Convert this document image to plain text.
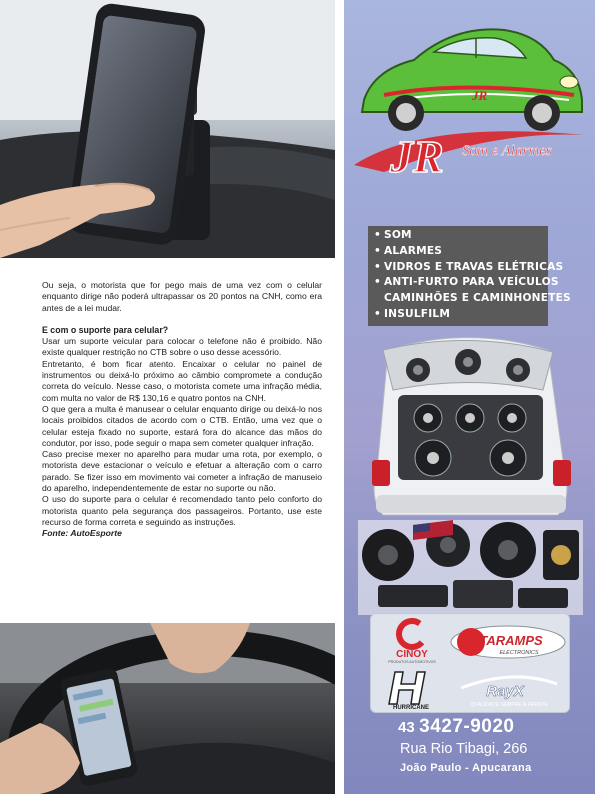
Ou seja, o motorista que for pego mais de uma vez com o celular enquanto dirige não poderá ultrapassar os 20 pontos na CNH, como era antes de a lei mudar.

E com o suporte para celular?

Usar um suporte veicular para colocar o telefone não é proibido. Não existe qualquer restrição no CTB sobre o uso desse acessório.

Entretanto, é bom ficar atento. Encaixar o celular no painel de instrumentos ou deixá-lo próximo ao câmbio compromete a condução correta do veículo. Nesse caso, o motorista comete uma infração média, com multa no valor de R$ 130,16 e quatro pontos na CNH.

O que gera a multa é manusear o celular enquanto dirige ou deixá-lo nos locais proibidos citados de acordo com o CTB. Então, uma vez que o celular esteja fixado no suporte, estará fora do alcance das mãos do condutor, por isso, pode seguir o mapa sem cometer qualquer infração.

Caso precise mexer no aparelho para mudar uma rota, por exemplo, o motorista deve estacionar o veículo e efetuar a alteração com o carro parado. Se fizer isso em movimento vai cometer a infração de manuseio do aparelho, independentemente de estar no suporte ou não.

O uso do suporte para o celular é recomendado tanto pelo conforto do motorista quanto pela segurança dos passageiros. Portanto, use este recurso de forma correta e seguindo as instruções.

Fonte: AutoEsporte

JR
JR Som e Alarmes
• SOM
• ALARMES
• VIDROS E TRAVAS ELÉTRICAS
• ANTI-FURTO PARA VEÍCULOS
CAMINHÕES E CAMINHONETES
• INSULFILM
CINOY
PRODUTOS AUTOMOTIVOS
TARAMPS
ELECTRONICS
HURRICANE
RayX
QUALIDADE SEMPRE À FRENTE
43 3427-9020
Rua Rio Tibagi, 266
João Paulo - Apucarana
